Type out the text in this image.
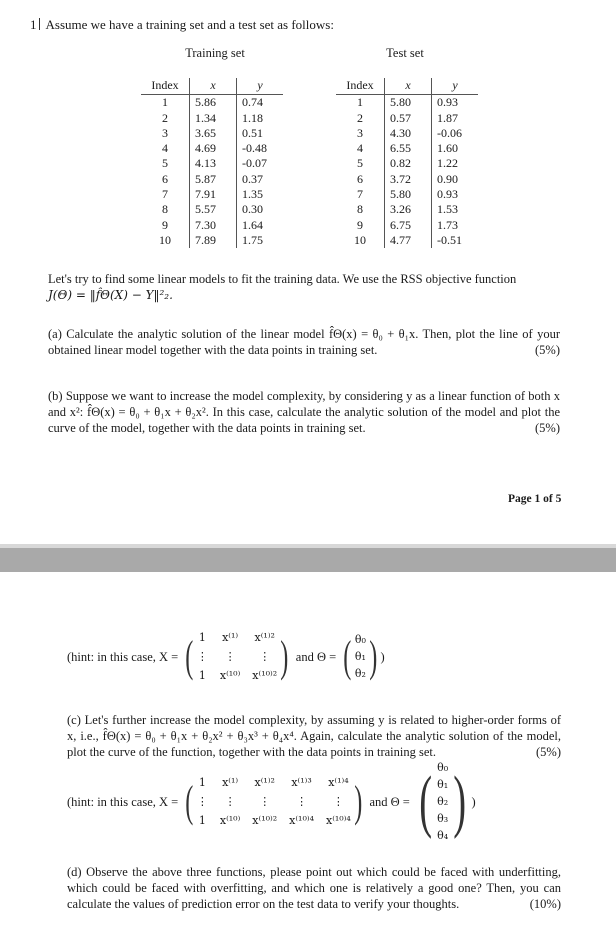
1 Assume we have a training set and a test set as follows:
Training set
Index	x	y
1	5.86	0.74
2	1.34	1.18
3	3.65	0.51
4	4.69	-0.48
5	4.13	-0.07
6	5.87	0.37
7	7.91	1.35
8	5.57	0.30
9	7.30	1.64
10	7.89	1.75
Test set
Index	x	y
1	5.80	0.93
2	0.57	1.87
3	4.30	-0.06
4	6.55	1.60
5	0.82	1.22
6	3.72	0.90
7	5.80	0.93
8	3.26	1.53
9	6.75	1.73
10	4.77	-0.51
Let's try to find some linear models to fit the training data. We use the RSS objective function
J(Θ) = ‖f̂Θ(X) − Y‖²₂.
(a) Calculate the analytic solution of the linear model f̂Θ(x) = θ₀ + θ₁x. Then, plot the line of your obtained linear model together with the data points in training set.	(5%)
(b) Suppose we want to increase the model complexity, by considering y as a linear function of both x and x²: f̂Θ(x) = θ₀ + θ₁x + θ₂x². In this case, calculate the analytic solution of the model and plot the curve of the model, together with the data points in training set.	(5%)
Page 1 of 5
(hint: in this case, X = ( 1 x⁽¹⁾ x⁽¹⁾²
⋮	⋮	⋮
1 x⁽¹⁰⁾ x⁽¹⁰⁾² ) and Θ = ( θ₀
θ₁
θ₂ ) )
(c) Let's further increase the model complexity, by assuming y is related to higher-order forms of x, i.e., f̂Θ(x) = θ₀ + θ₁x + θ₂x² + θ₃x³ + θ₄x⁴. Again, calculate the analytic solution of the model, plot the curve of the function, together with the data points in training set.	(5%)
(hint: in this case, X = ( 1 x⁽¹⁾ x⁽¹⁾² x⁽¹⁾³ x⁽¹⁾⁴
⋮	⋮	⋮	⋮	⋮
1 x⁽¹⁰⁾ x⁽¹⁰⁾² x⁽¹⁰⁾⁴ x⁽¹⁰⁾⁴ ) and Θ = ( θ₀
θ₁
θ₂
θ₃
θ₄ ) )
(d) Observe the above three functions, please point out which could be faced with underfitting, which could be faced with overfitting, and which one is relatively a good one? Then, you can calculate the values of prediction error on the test data to verify your thoughts.	(10%)
